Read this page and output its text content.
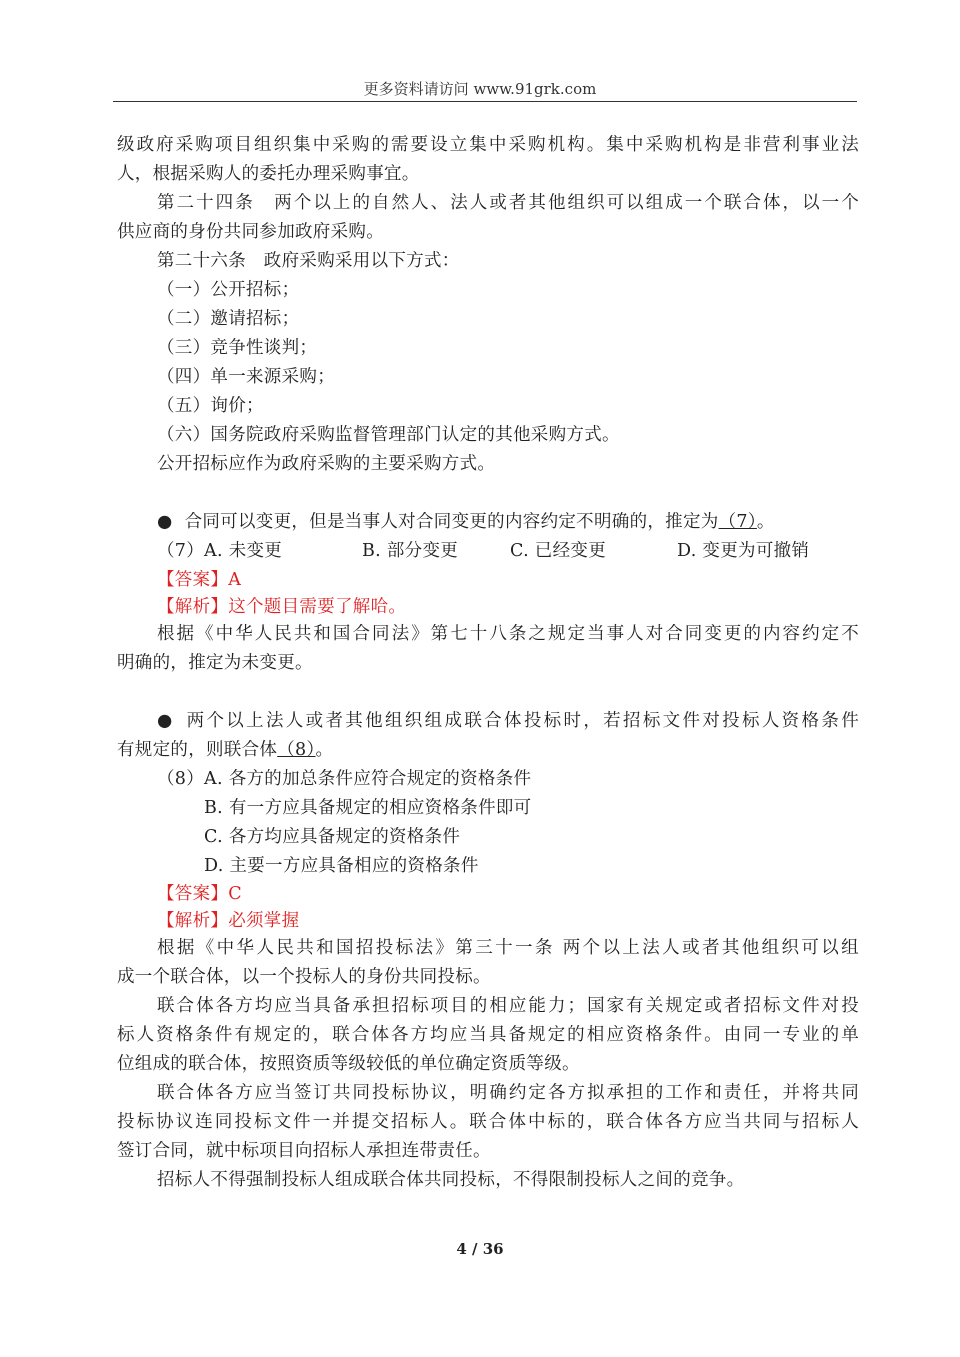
更多资料请访问 www.91grk.com
级政府采购项目组织集中采购的需要设立集中采购机构。集中采购机构是非营利事业法
人，根据采购人的委托办理采购事宜。
第二十四条　两个以上的自然人、法人或者其他组织可以组成一个联合体，以一个
供应商的身份共同参加政府采购。
第二十六条　政府采购采用以下方式：
（一）公开招标；
（二）邀请招标；
（三）竞争性谈判；
（四）单一来源采购；
（五）询价；
（六）国务院政府采购监督管理部门认定的其他采购方式。
公开招标应作为政府采购的主要采购方式。
● 合同可以变更，但是当事人对合同变更的内容约定不明确的，推定为（7）。
（7）A. 未变更	B. 部分变更	C. 已经变更	D. 变更为可撤销
【答案】A
【解析】这个题目需要了解哈。
根据《中华人民共和国合同法》第七十八条之规定当事人对合同变更的内容约定不
明确的，推定为未变更。
● 两个以上法人或者其他组织组成联合体投标时，若招标文件对投标人资格条件
有规定的，则联合体（8）。
（8）A. 各方的加总条件应符合规定的资格条件
B. 有一方应具备规定的相应资格条件即可
C. 各方均应具备规定的资格条件
D. 主要一方应具备相应的资格条件
【答案】C
【解析】必须掌握
根据《中华人民共和国招投标法》第三十一条 两个以上法人或者其他组织可以组
成一个联合体，以一个投标人的身份共同投标。
联合体各方均应当具备承担招标项目的相应能力；国家有关规定或者招标文件对投
标人资格条件有规定的，联合体各方均应当具备规定的相应资格条件。由同一专业的单
位组成的联合体，按照资质等级较低的单位确定资质等级。
联合体各方应当签订共同投标协议，明确约定各方拟承担的工作和责任，并将共同
投标协议连同投标文件一并提交招标人。联合体中标的，联合体各方应当共同与招标人
签订合同，就中标项目向招标人承担连带责任。
招标人不得强制投标人组成联合体共同投标，不得限制投标人之间的竞争。
4 / 36
